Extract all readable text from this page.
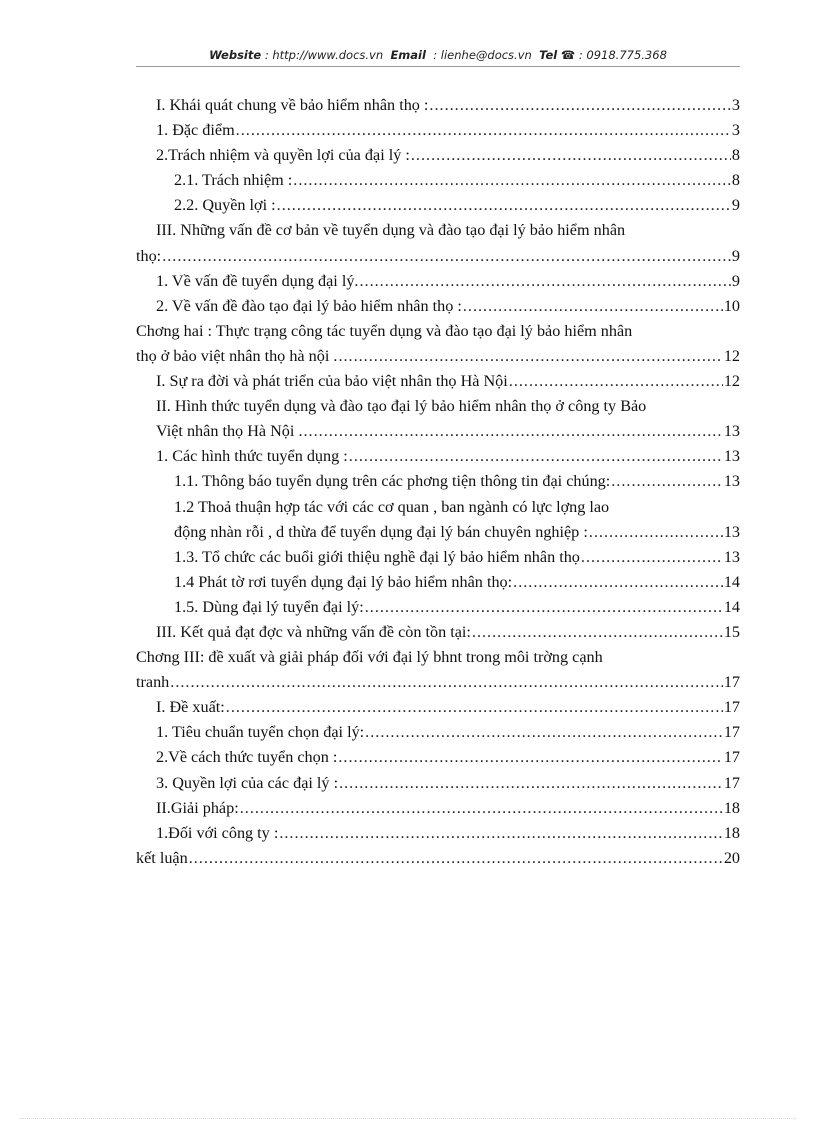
Website : http://www.docs.vn Email : lienhe@docs.vn Tel ☎ : 0918.775.368
I. Khái quát chung về bảo hiểm nhân thọ : .....	3
1. Đặc điểm .....	3
2.Trách nhiệm và quyền lợi của đại lý : .....	8
2.1. Trách nhiệm : .....	8
2.2. Quyền lợi : .....	9
III. Những vấn đề cơ bản về tuyển dụng và đào tạo đại lý bảo hiểm nhân
thọ: .....	9
1. Về vấn đề tuyển dụng đại lý. .....	9
2. Về vấn đề đào tạo đại lý bảo hiểm nhân thọ : .....	10
Chơng hai : Thực trạng công tác tuyển dụng và đào tạo đại lý bảo hiểm nhân
thọ ở bảo việt nhân thọ hà nội . .....	12
I. Sự ra đời và phát triển của bảo việt nhân thọ Hà Nội .....	12
II. Hình thức tuyển dụng và đào tạo đại lý bảo hiểm nhân thọ ở công ty Bảo
Việt nhân thọ Hà Nội . .....	13
1. Các hình thức tuyển dụng : .....	13
1.1. Thông báo tuyển dụng trên các phơng tiện thông tin đại chúng: .....	13
1.2 Thoả thuận hợp tác với các cơ quan , ban ngành có lực lợng lao
động nhàn rỗi , d thừa để tuyển dụng đại lý bán chuyên nghiệp : .....	13
1.3. Tổ chức các buổi giới thiệu nghề đại lý bảo hiểm nhân thọ .....	13
1.4 Phát tờ rơi tuyển dụng đại lý bảo hiểm nhân thọ: .....	14
1.5. Dùng đại lý tuyển đại lý: .....	14
III. Kết quả đạt đợc và những vấn đề còn tồn tại: .....	15
Chơng III: đề xuất và giải pháp đối với đại lý bhnt trong môi trờng cạnh
tranh .....	17
I. Đề xuất: .....	17
1. Tiêu chuẩn tuyển chọn đại lý: .....	17
2.Về cách thức tuyển chọn : .....	17
3. Quyền lợi của các đại lý : .....	17
II.Giải pháp: .....	18
1.Đối với công ty : .....	18
kết luận .....	20
